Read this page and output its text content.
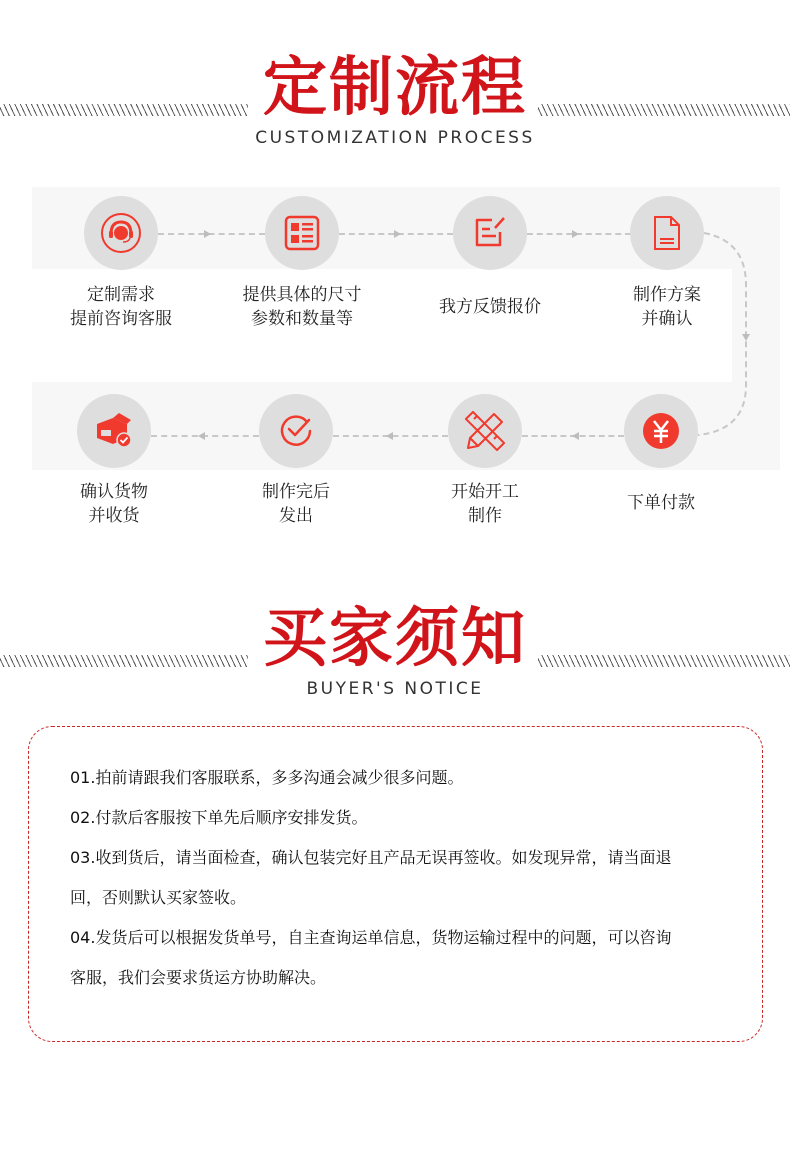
定制流程
CUSTOMIZATION PROCESS
定制需求
提前咨询客服
提供具体的尺寸
参数和数量等
我方反馈报价
制作方案
并确认
下单付款
开始开工
制作
制作完后
发出
确认货物
并收货
买家须知
BUYER'S NOTICE
01.拍前请跟我们客服联系，多多沟通会减少很多问题。
02.付款后客服按下单先后顺序安排发货。
03.收到货后，请当面检查，确认包装完好且产品无误再签收。如发现异常，请当面退
回，否则默认买家签收。
04.发货后可以根据发货单号，自主查询运单信息，货物运输过程中的问题，可以咨询
客服，我们会要求货运方协助解决。
